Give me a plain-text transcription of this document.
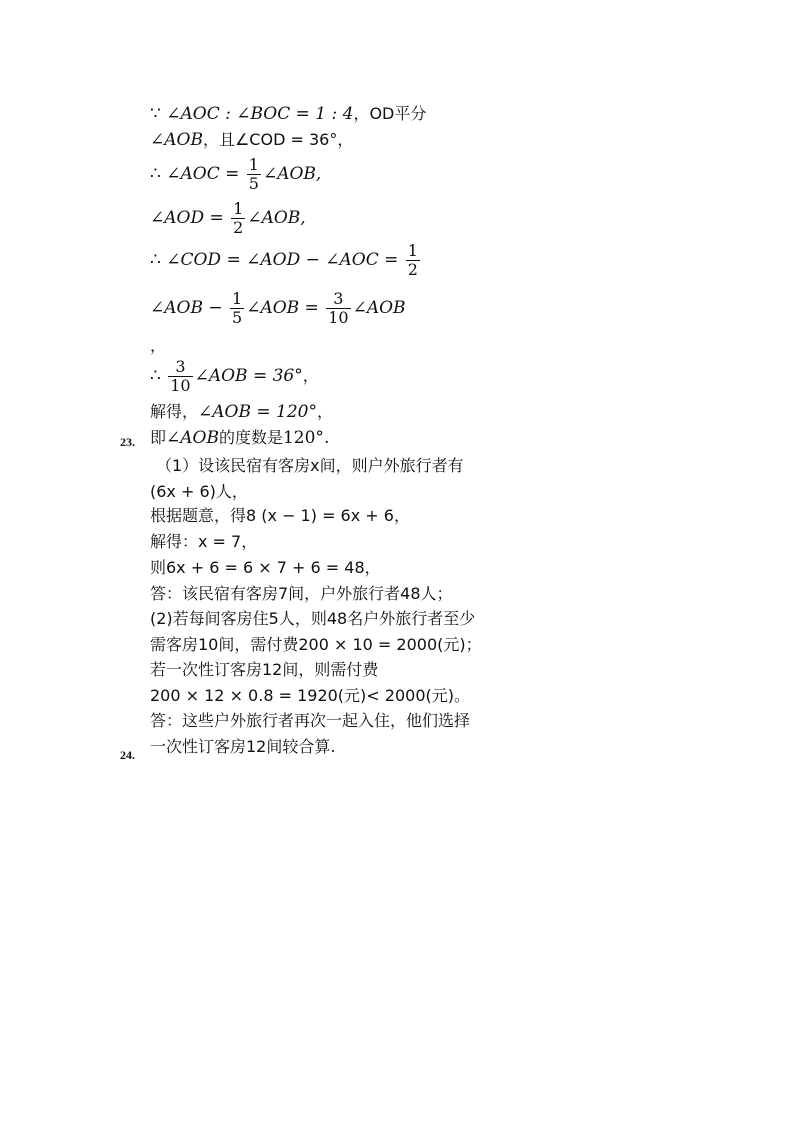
∵ ∠AOC : ∠BOC = 1 : 4，OD平分
∠AOB，且∠COD = 36°，
∴ ∠AOC = $\frac{1}{5}$ ∠AOB,
∠AOD = $\frac{1}{2}$ ∠AOB,
∴ ∠COD = ∠AOD − ∠AOC = $\frac{1}{2}$
∠AOB − $\frac{1}{5}$ ∠AOB = $\frac{3}{10}$ ∠AOB
，
∴ $\frac{3}{10}$ ∠AOB = 36°，
解得，∠AOB = 120°，
即∠AOB的度数是120°.
23.
（1）设该民宿有客房x间，则户外旅行者有
(6x + 6)人，
根据题意，得8 (x − 1) = 6x + 6，
解得：x = 7，
则6x + 6 = 6 × 7 + 6 = 48，
答：该民宿有客房7间，户外旅行者48人；
(2)若每间客房住5人，则48名户外旅行者至少
需客房10间，需付费200 × 10 = 2000(元)；
若一次性订客房12间，则需付费
200 × 12 × 0.8 = 1920(元)< 2000(元)。
答：这些户外旅行者再次一起入住，他们选择
一次性订客房12间较合算.
24.
